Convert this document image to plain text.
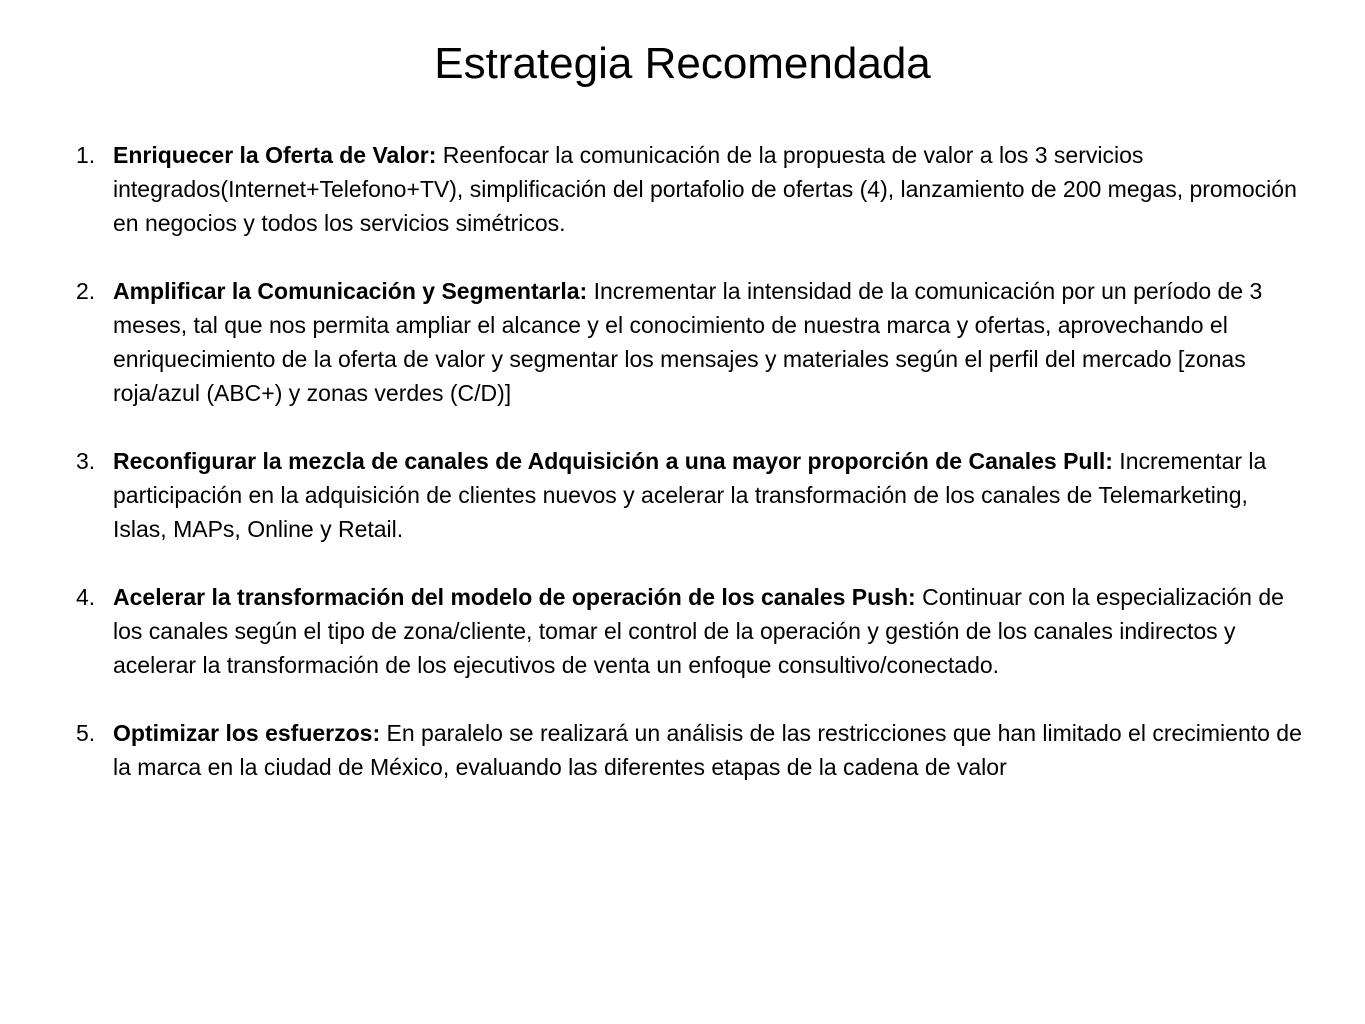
Estrategia Recomendada
1. Enriquecer la Oferta de Valor: Reenfocar la comunicación de la propuesta de valor a los 3 servicios integrados(Internet+Telefono+TV), simplificación del portafolio de ofertas (4), lanzamiento de 200 megas, promoción en negocios y todos los servicios simétricos.
2. Amplificar la Comunicación y Segmentarla: Incrementar la intensidad de la comunicación por un período de 3 meses, tal que nos permita ampliar el alcance y el conocimiento de nuestra marca y ofertas, aprovechando el enriquecimiento de la oferta de valor y segmentar los mensajes y materiales según el perfil del mercado [zonas roja/azul (ABC+) y zonas verdes (C/D)]
3. Reconfigurar la mezcla de canales de Adquisición a una mayor proporción de Canales Pull: Incrementar la participación en la adquisición de clientes nuevos y acelerar la transformación de los canales de Telemarketing, Islas, MAPs, Online y Retail.
4. Acelerar la transformación del modelo de operación de los canales Push: Continuar con la especialización de los canales según el tipo de zona/cliente, tomar el control de la operación y gestión de los canales indirectos y acelerar la transformación de los ejecutivos de venta un enfoque consultivo/conectado.
5. Optimizar los esfuerzos: En paralelo se realizará un análisis de las restricciones que han limitado el crecimiento de la marca en la ciudad de México, evaluando las diferentes etapas de la cadena de valor
